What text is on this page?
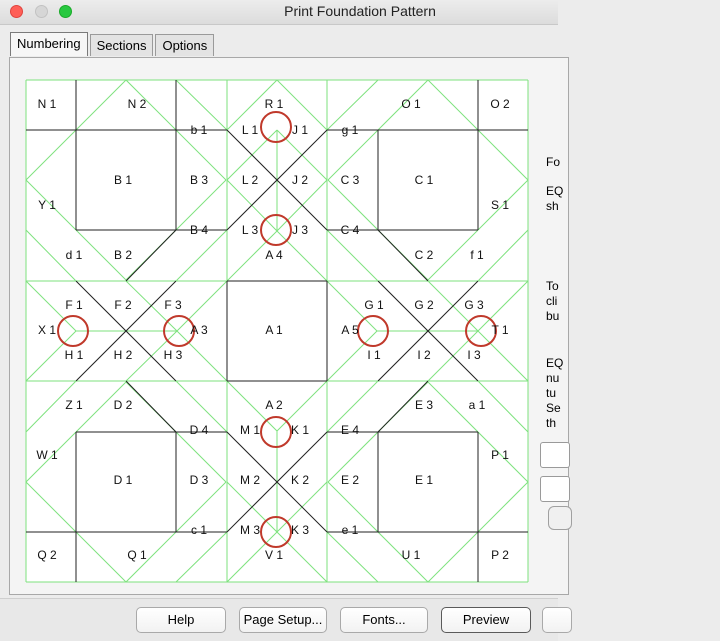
Print Foundation Pattern
Numbering	Sections	Options
N 1	N 2	R 1	O 1	O 2
b 1	L 1	J 1	g 1
B 1	B 3	L 2	J 2	C 3	C 1
Y 1	S 1
B 4	L 3	J 3	C 4
A 4
d 1	B 2	C 2	f 1
F 1	F 2	F 3	G 1	G 2	G 3
X 1	A 3	A 1	A 5	T 1
H 1	H 2	H 3	I 1	I 2	I 3
Z 1	D 2	A 2	E 3	a 1
D 4	M 1	K 1	E 4
W 1	P 1
D 1	D 3	M 2	K 2	E 2	E 1
c 1	M 3	K 3	e 1
Q 2	Q 1	V 1	U 1	P 2
Fo
EQ
sh
To
cli
bu
EQ
nu
tu
Se
th
Help	Page Setup...	Fonts...	Preview
